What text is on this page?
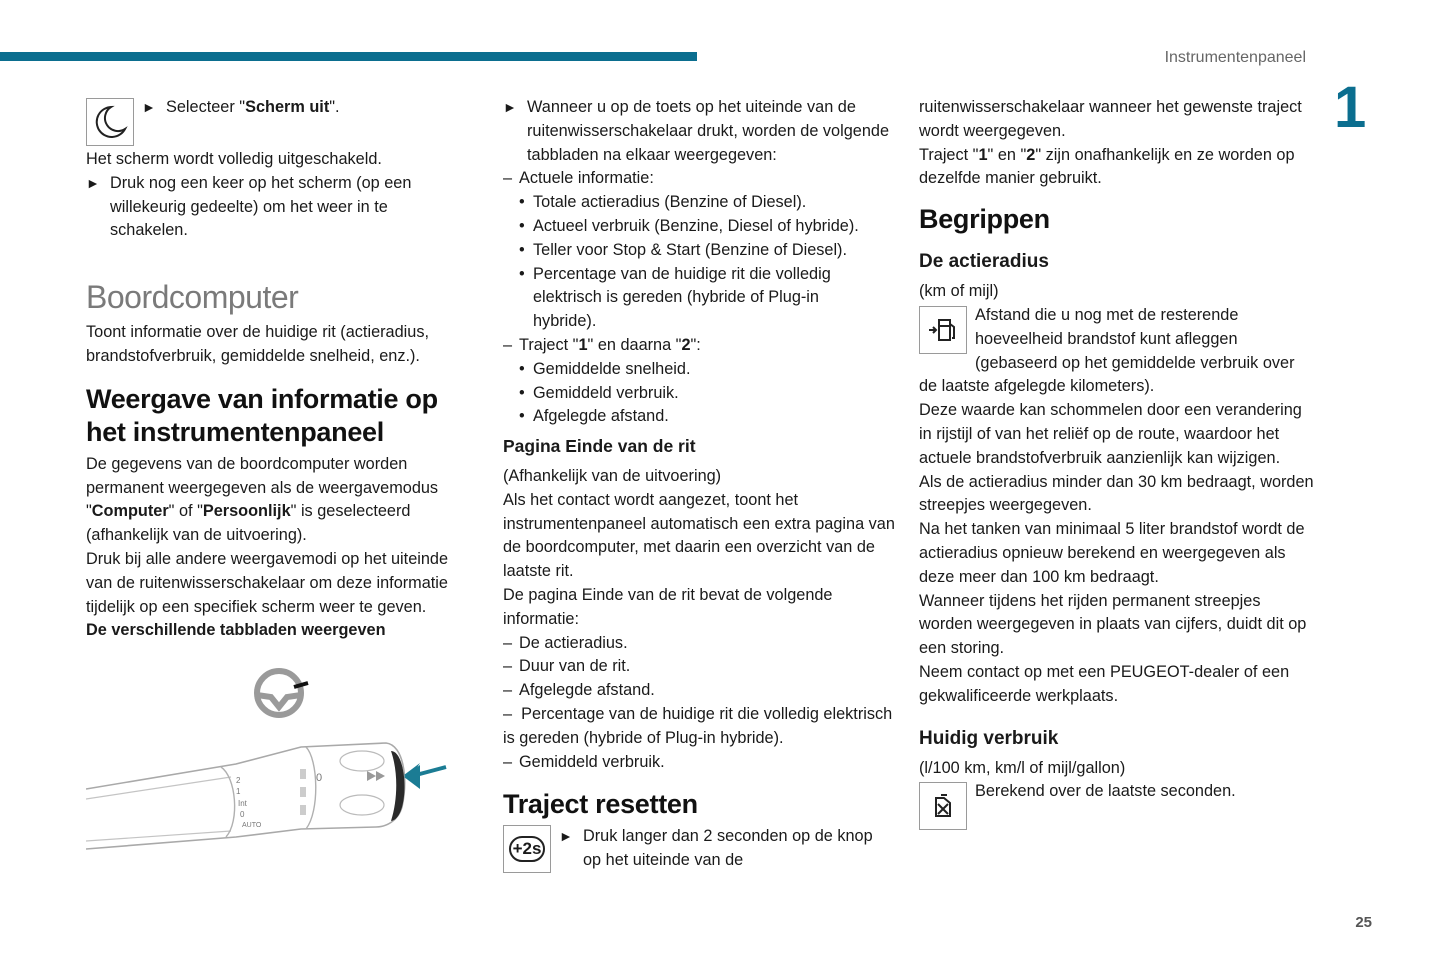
Instrumentenpaneel
1
25

► Selecteer "Scherm uit".

Het scherm wordt volledig uitgeschakeld.

► Druk nog een keer op het scherm (op een willekeurig gedeelte) om het weer in te schakelen.

Boordcomputer

Toont informatie over de huidige rit (actieradius, brandstofverbruik, gemiddelde snelheid, enz.).

Weergave van informatie op het instrumentenpaneel

De gegevens van de boordcomputer worden permanent weergegeven als de weergavemodus "Computer" of "Persoonlijk" is geselecteerd (afhankelijk van de uitvoering).

Druk bij alle andere weergavemodi op het uiteinde van de ruitenwisserschakelaar om deze informatie tijdelijk op een specifiek scherm weer te geven.

De verschillende tabbladen weergeven

2
1
Int
0
AUTO
0

► Wanneer u op de toets op het uiteinde van de ruitenwisserschakelaar drukt, worden de volgende tabbladen na elkaar weergegeven:

– Actuele informatie:

• Totale actieradius (Benzine of Diesel).

• Actueel verbruik (Benzine, Diesel of hybride).

• Teller voor Stop & Start (Benzine of Diesel).

• Percentage van de huidige rit die volledig elektrisch is gereden (hybride of Plug-in hybride).

– Traject "1" en daarna "2":

• Gemiddelde snelheid.

• Gemiddeld verbruik.

• Afgelegde afstand.

Pagina Einde van de rit

(Afhankelijk van de uitvoering)

Als het contact wordt aangezet, toont het instrumentenpaneel automatisch een extra pagina van de boordcomputer, met daarin een overzicht van de laatste rit.

De pagina Einde van de rit bevat de volgende informatie:

– De actieradius.

– Duur van de rit.

– Afgelegde afstand.

– Percentage van de huidige rit die volledig elektrisch is gereden (hybride of Plug-in hybride).

– Gemiddeld verbruik.

Traject resetten
+2s

► Druk langer dan 2 seconden op de knop op het uiteinde van de

ruitenwisserschakelaar wanneer het gewenste traject wordt weergegeven.

Traject "1" en "2" zijn onafhankelijk en ze worden op dezelfde manier gebruikt.

Begrippen
De actieradius

(km of mijl)

Afstand die u nog met de resterende hoeveelheid brandstof kunt afleggen (gebaseerd op het gemiddelde verbruik over de laatste afgelegde kilometers).

Deze waarde kan schommelen door een verandering in rijstijl of van het reliëf op de route, waardoor het actuele brandstofverbruik aanzienlijk kan wijzigen.

Als de actieradius minder dan 30 km bedraagt, worden streepjes weergegeven.

Na het tanken van minimaal 5 liter brandstof wordt de actieradius opnieuw berekend en weergegeven als deze meer dan 100 km bedraagt.

Wanneer tijdens het rijden permanent streepjes worden weergegeven in plaats van cijfers, duidt dit op een storing.

Neem contact op met een PEUGEOT-dealer of een gekwalificeerde werkplaats.

Huidig verbruik

(l/100 km, km/l of mijl/gallon)

Berekend over de laatste seconden.
